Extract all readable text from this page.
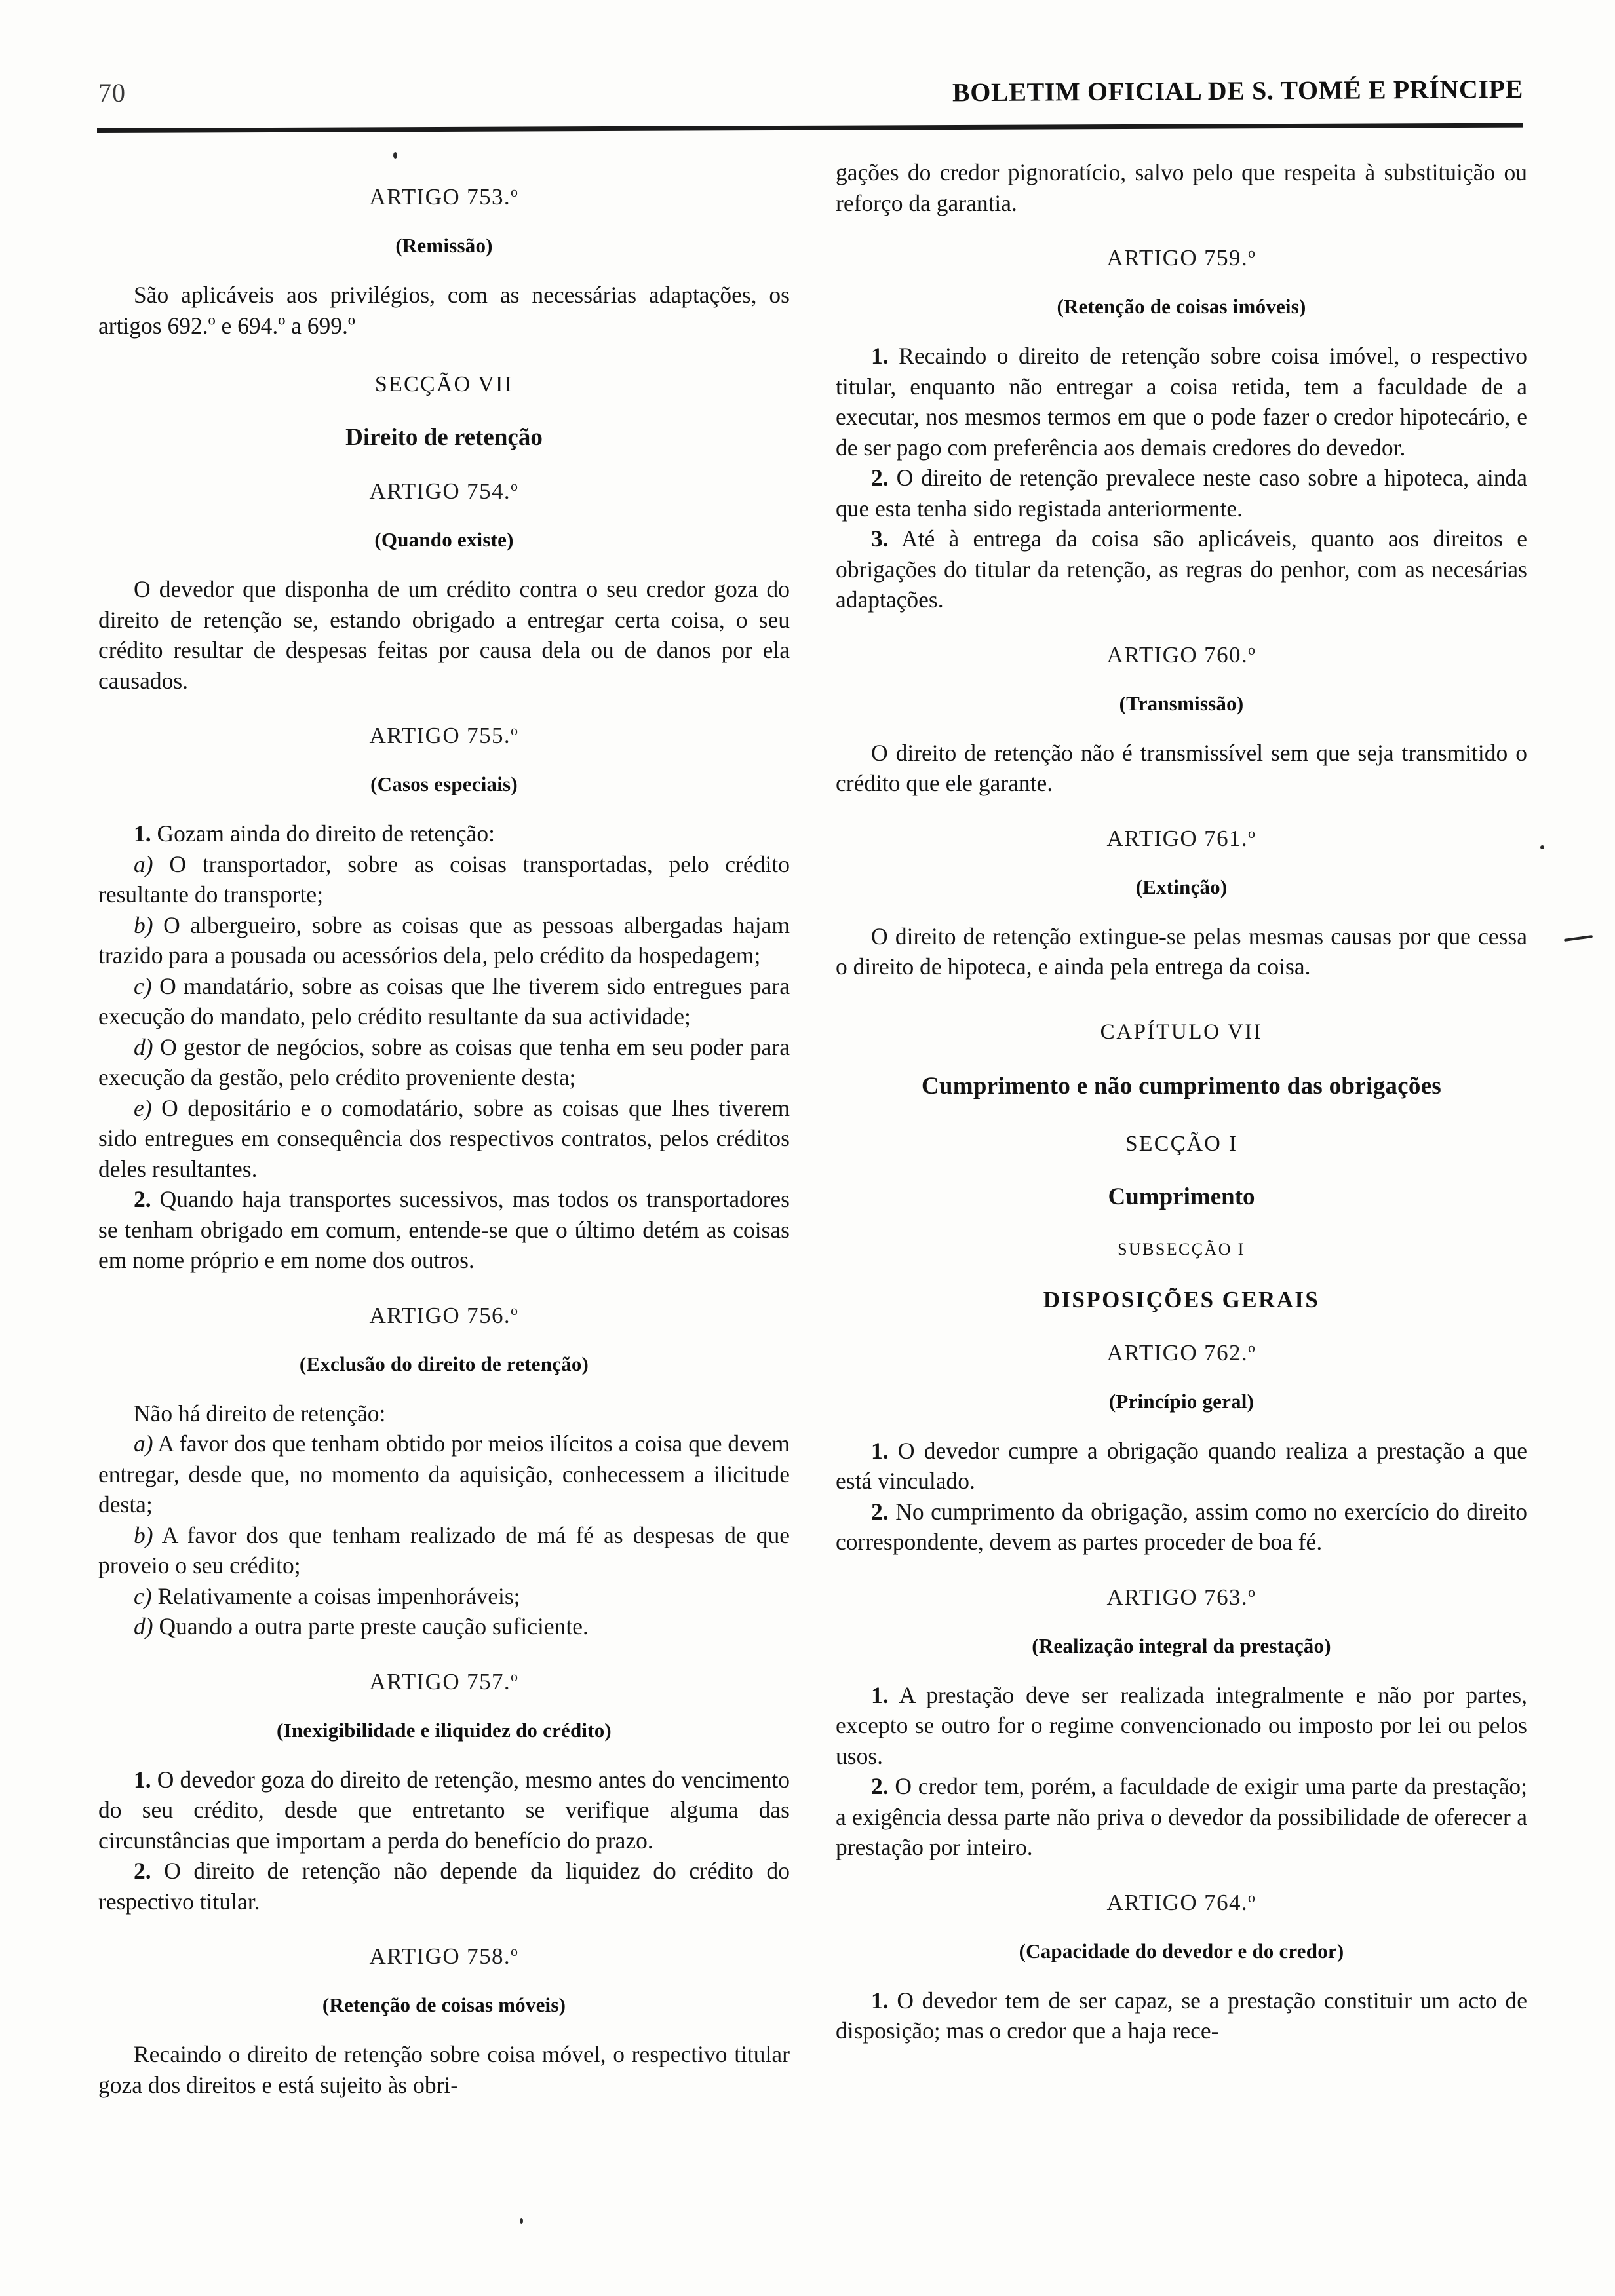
70	BOLETIM OFICIAL DE S. TOMÉ E PRÍNCIPE
ARTIGO 753.$^o$
(Remissão)

São aplicáveis aos privilégios, com as necessárias adaptações, os artigos 692.º e 694.º a 699.º

SECÇÃO VII
Direito de retenção
ARTIGO 754.$^o$
(Quando existe)

O devedor que disponha de um crédito contra o seu credor goza do direito de retenção se, estando obrigado a entregar certa coisa, o seu crédito resultar de despesas feitas por causa dela ou de danos por ela causados.

ARTIGO 755.$^o$
(Casos especiais)

1. Gozam ainda do direito de retenção:

a) O transportador, sobre as coisas transportadas, pelo crédito resultante do transporte;

b) O albergueiro, sobre as coisas que as pessoas albergadas hajam trazido para a pousada ou acessórios dela, pelo crédito da hospedagem;

c) O mandatário, sobre as coisas que lhe tiverem sido entregues para execução do mandato, pelo crédito resultante da sua actividade;

d) O gestor de negócios, sobre as coisas que tenha em seu poder para execução da gestão, pelo crédito proveniente desta;

e) O depositário e o comodatário, sobre as coisas que lhes tiverem sido entregues em consequência dos respectivos contratos, pelos créditos deles resultantes.

2. Quando haja transportes sucessivos, mas todos os transportadores se tenham obrigado em comum, entende-se que o último detém as coisas em nome próprio e em nome dos outros.

ARTIGO 756.$^o$
(Exclusão do direito de retenção)

Não há direito de retenção:

a) A favor dos que tenham obtido por meios ilícitos a coisa que devem entregar, desde que, no momento da aquisição, conhecessem a ilicitude desta;

b) A favor dos que tenham realizado de má fé as despesas de que proveio o seu crédito;

c) Relativamente a coisas impenhoráveis;

d) Quando a outra parte preste caução suficiente.

ARTIGO 757.$^o$
(Inexigibilidade e iliquidez do crédito)

1. O devedor goza do direito de retenção, mesmo antes do vencimento do seu crédito, desde que entretanto se verifique alguma das circunstâncias que importam a perda do benefício do prazo.

2. O direito de retenção não depende da liquidez do crédito do respectivo titular.

ARTIGO 758.$^o$
(Retenção de coisas móveis)

Recaindo o direito de retenção sobre coisa móvel, o respectivo titular goza dos direitos e está sujeito às obri-

gações do credor pignoratício, salvo pelo que respeita à substituição ou reforço da garantia.

ARTIGO 759.$^o$
(Retenção de coisas imóveis)

1. Recaindo o direito de retenção sobre coisa imóvel, o respectivo titular, enquanto não entregar a coisa retida, tem a faculdade de a executar, nos mesmos termos em que o pode fazer o credor hipotecário, e de ser pago com preferência aos demais credores do devedor.

2. O direito de retenção prevalece neste caso sobre a hipoteca, ainda que esta tenha sido registada anteriormente.

3. Até à entrega da coisa são aplicáveis, quanto aos direitos e obrigações do titular da retenção, as regras do penhor, com as necesárias adaptações.

ARTIGO 760.$^o$
(Transmissão)

O direito de retenção não é transmissível sem que seja transmitido o crédito que ele garante.

ARTIGO 761.$^o$
(Extinção)

O direito de retenção extingue-se pelas mesmas causas por que cessa o direito de hipoteca, e ainda pela entrega da coisa.

CAPÍTULO VII
Cumprimento e não cumprimento das obrigações
SECÇÃO I
Cumprimento
SUBSECÇÃO I
DISPOSIÇÕES GERAIS
ARTIGO 762.$^o$
(Princípio geral)

1. O devedor cumpre a obrigação quando realiza a prestação a que está vinculado.

2. No cumprimento da obrigação, assim como no exercício do direito correspondente, devem as partes proceder de boa fé.

ARTIGO 763.$^o$
(Realização integral da prestação)

1. A prestação deve ser realizada integralmente e não por partes, excepto se outro for o regime convencionado ou imposto por lei ou pelos usos.

2. O credor tem, porém, a faculdade de exigir uma parte da prestação; a exigência dessa parte não priva o devedor da possibilidade de oferecer a prestação por inteiro.

ARTIGO 764.$^o$
(Capacidade do devedor e do credor)

1. O devedor tem de ser capaz, se a prestação constituir um acto de disposição; mas o credor que a haja rece-
